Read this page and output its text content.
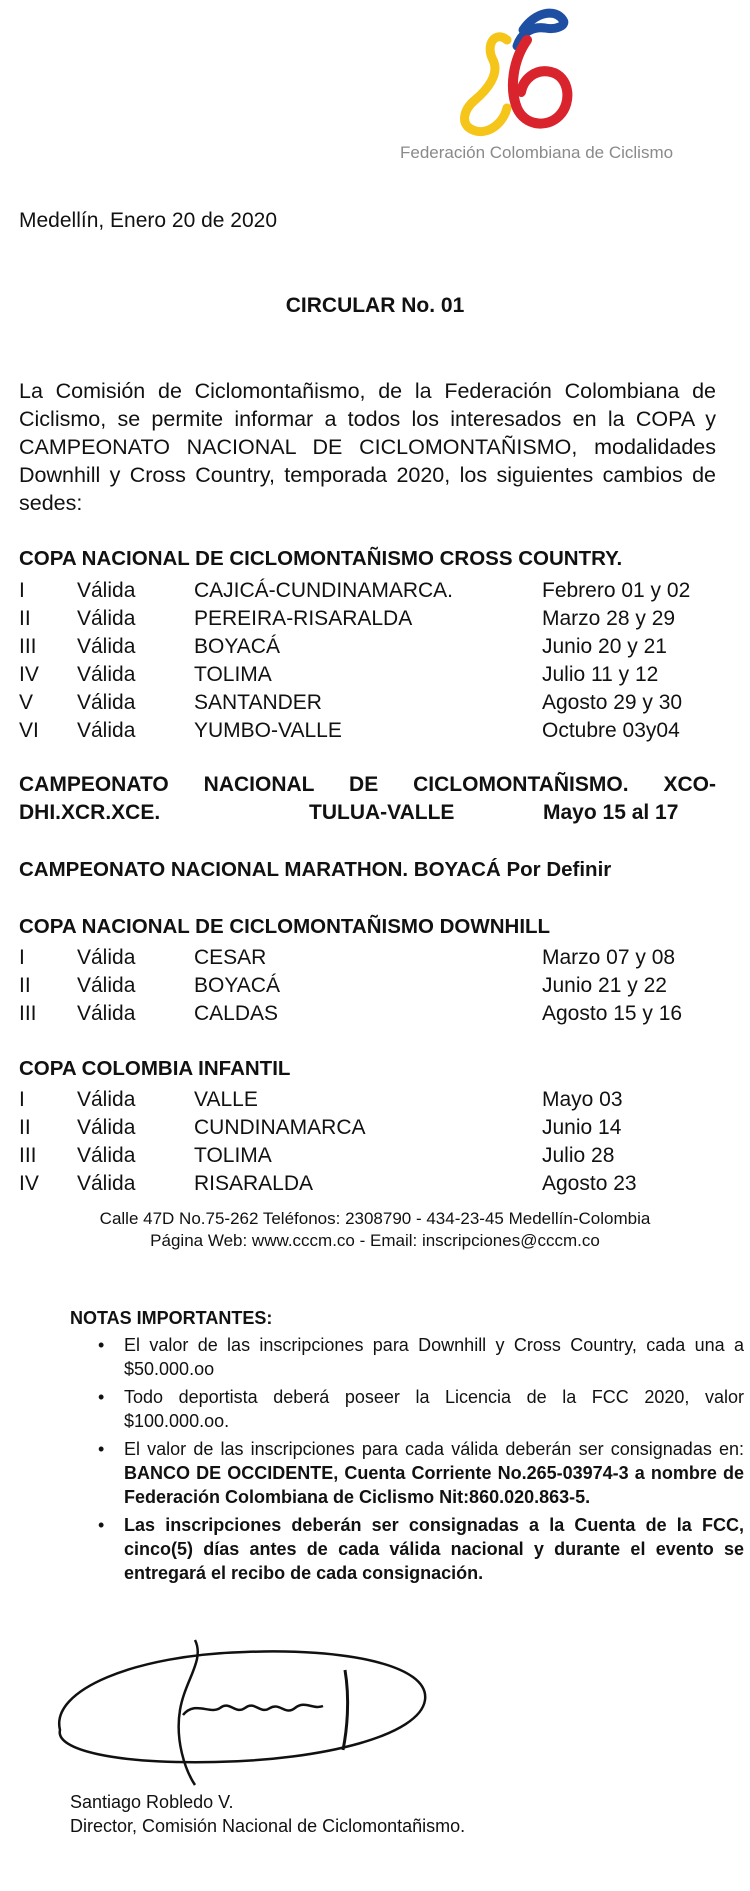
Federación Colombiana de Ciclismo
Medellín, Enero 20 de 2020
CIRCULAR No. 01
La Comisión de Ciclomontañismo, de la Federación Colombiana de Ciclismo, se permite informar a todos los interesados en la COPA y CAMPEONATO NACIONAL DE CICLOMONTAÑISMO, modalidades Downhill y Cross Country, temporada 2020, los siguientes cambios de sedes:
COPA NACIONAL DE CICLOMONTAÑISMO CROSS COUNTRY.
I	Válida	CAJICÁ-CUNDINAMARCA.	Febrero 01 y 02
II	Válida	PEREIRA-RISARALDA	Marzo 28 y 29
III	Válida	BOYACÁ	Junio 20 y 21
IV	Válida	TOLIMA	Julio 11 y 12
V	Válida	SANTANDER	Agosto 29 y 30
VI	Válida	YUMBO-VALLE	Octubre 03y04
CAMPEONATO NACIONAL DE CICLOMONTAÑISMO. XCO-
DHI.XCR.XCE.	TULUA-VALLE	Mayo 15 al 17
CAMPEONATO NACIONAL MARATHON. BOYACÁ Por Definir
COPA NACIONAL DE CICLOMONTAÑISMO DOWNHILL
I	Válida	CESAR	Marzo 07 y 08
II	Válida	BOYACÁ	Junio 21 y 22
III	Válida	CALDAS	Agosto 15 y 16
COPA COLOMBIA INFANTIL
I	Válida	VALLE	Mayo 03
II	Válida	CUNDINAMARCA	Junio 14
III	Válida	TOLIMA	Julio 28
IV	Válida	RISARALDA	Agosto 23
Calle 47D No.75-262 Teléfonos: 2308790 - 434-23-45 Medellín-Colombia
Página Web: www.cccm.co - Email: inscripciones@cccm.co
NOTAS IMPORTANTES:
• El valor de las inscripciones para Downhill y Cross Country, cada una a $50.000.oo
• Todo deportista deberá poseer la Licencia de la FCC 2020, valor $100.000.oo.
• El valor de las inscripciones para cada válida deberán ser consignadas en: BANCO DE OCCIDENTE, Cuenta Corriente No.265-03974-3 a nombre de Federación Colombiana de Ciclismo Nit:860.020.863-5.
• Las inscripciones deberán ser consignadas a la Cuenta de la FCC, cinco(5) días antes de cada válida nacional y durante el evento se entregará el recibo de cada consignación.
Santiago Robledo V.
Director, Comisión Nacional de Ciclomontañismo.
